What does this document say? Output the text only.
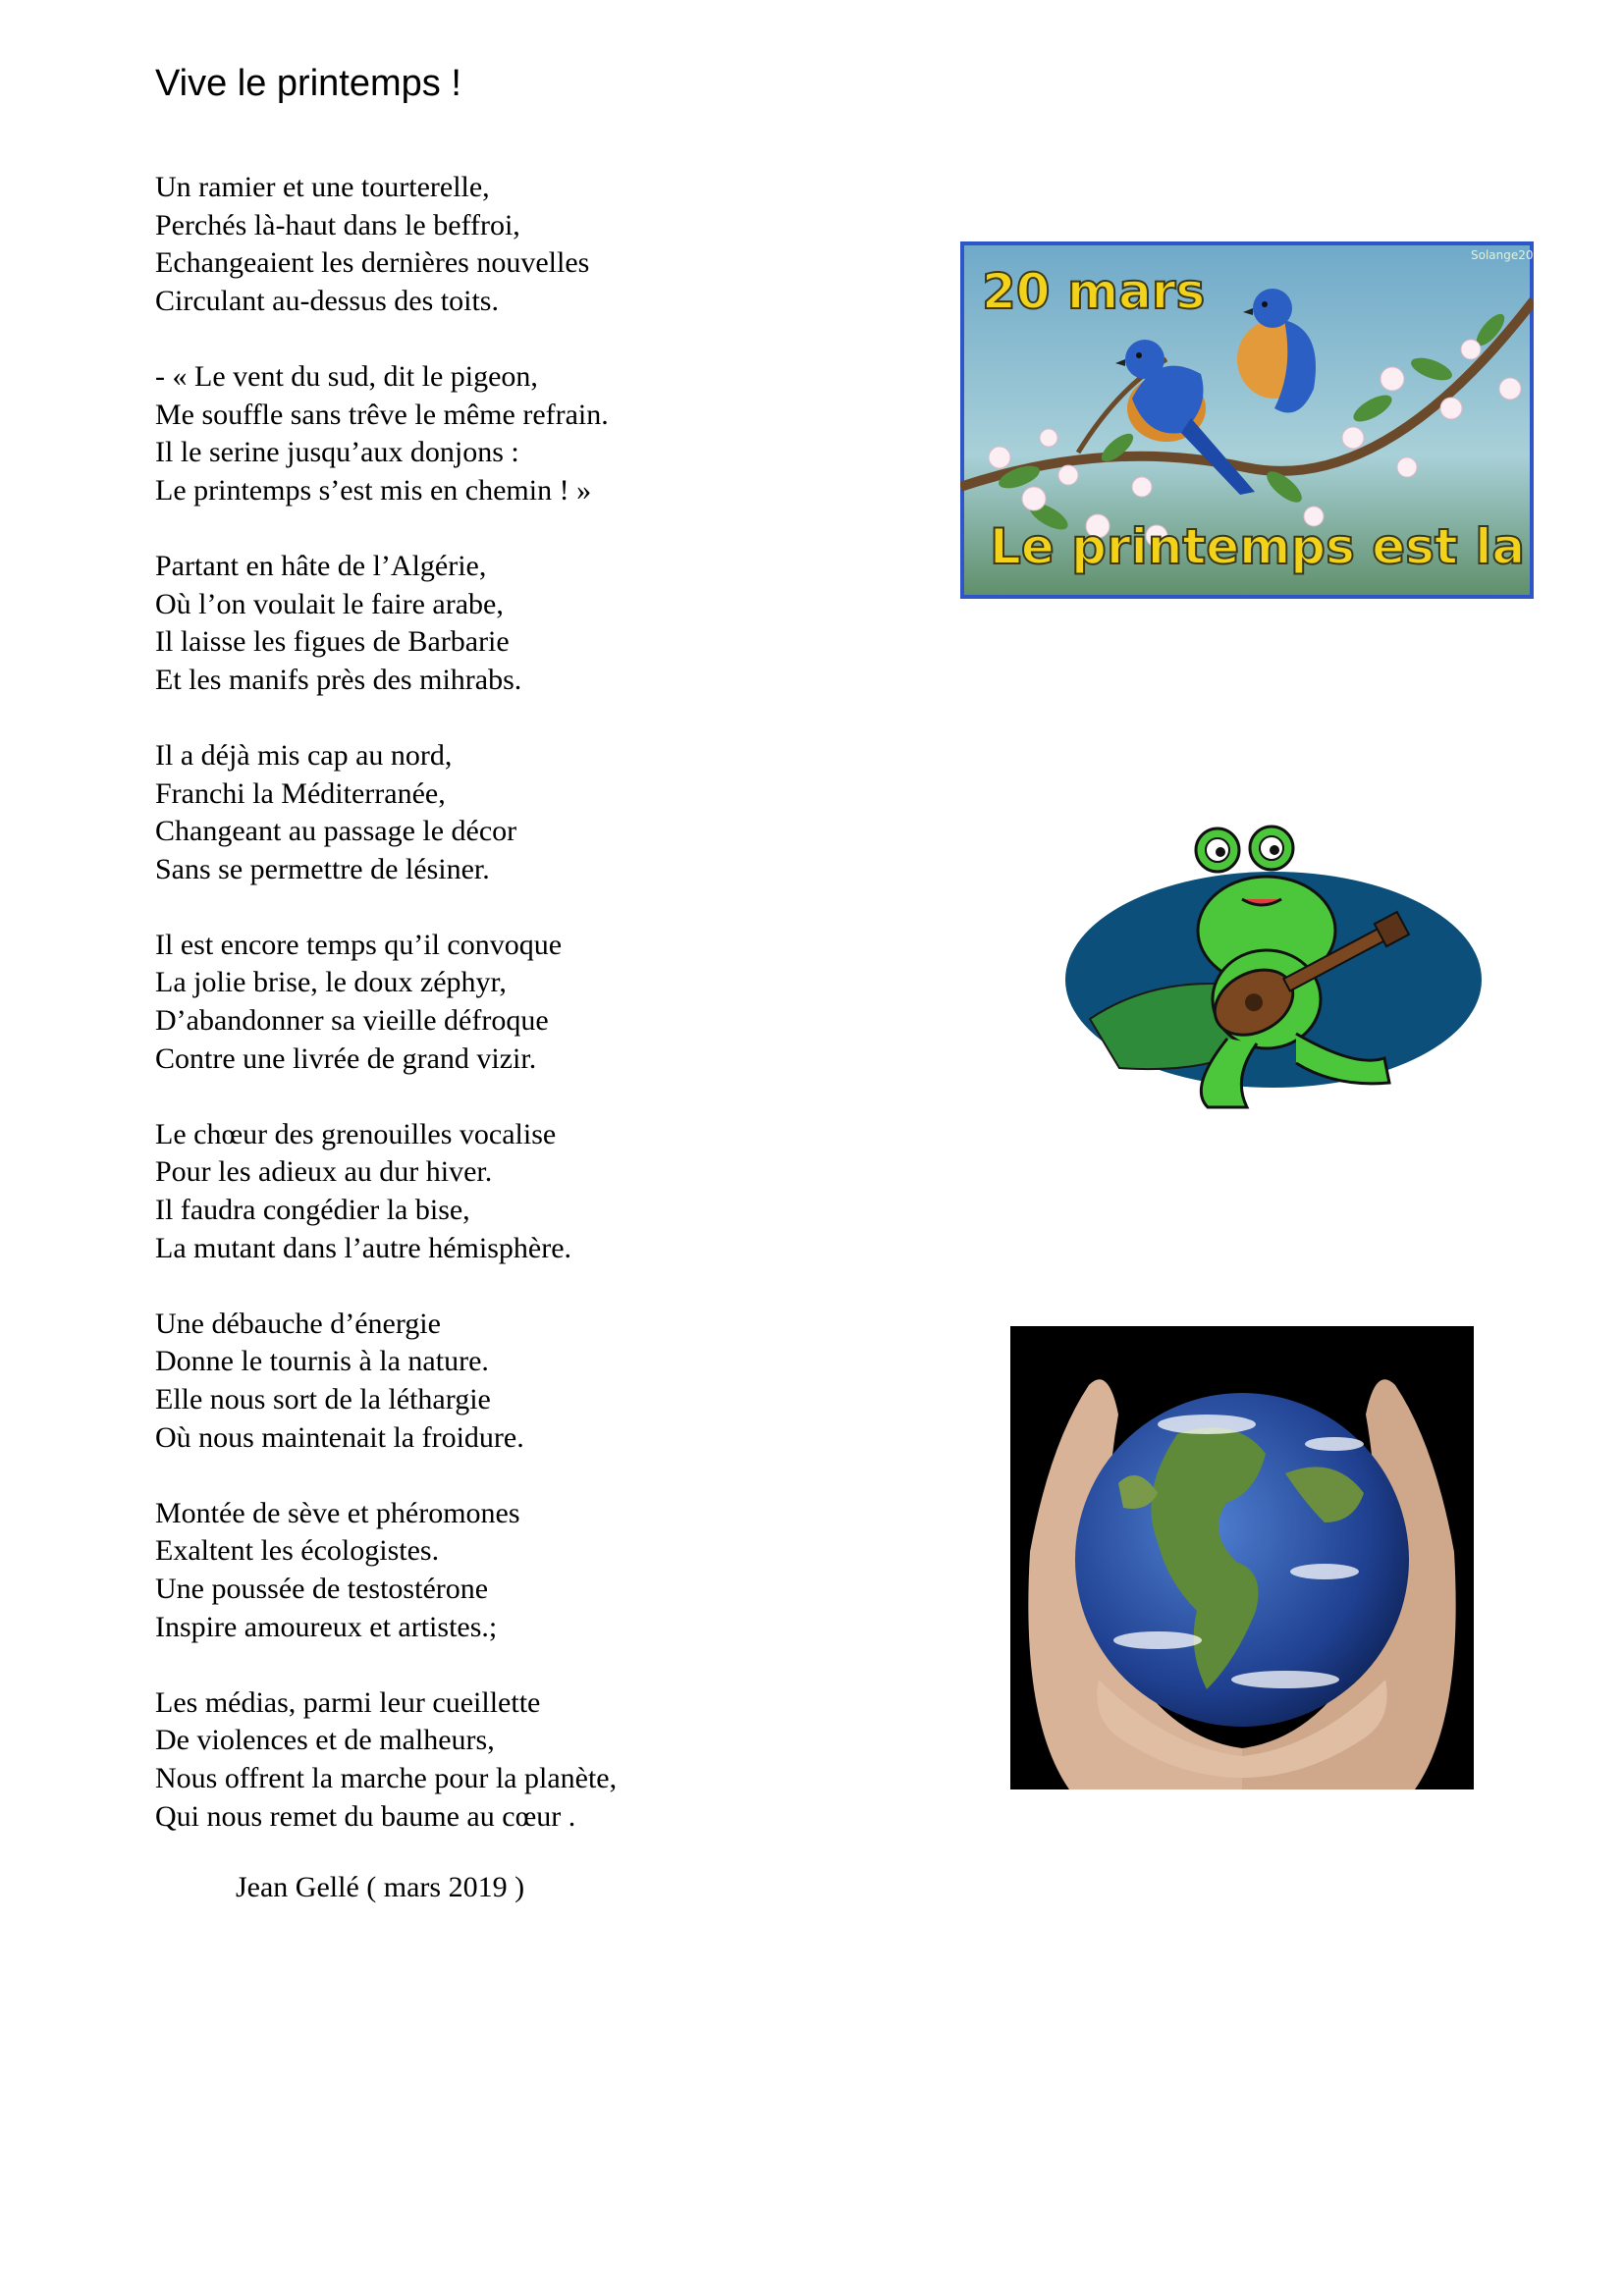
Vive le printemps !
Un ramier et une tourterelle,
Perchés là-haut dans le beffroi,
Echangeaient les dernières nouvelles
Circulant au-dessus des toits.
- « Le vent du sud, dit le pigeon,
Me souffle sans trêve le même refrain.
Il le serine jusqu’aux donjons :
Le printemps s’est mis en chemin ! »
Partant en hâte de l’Algérie,
Où l’on voulait le faire arabe,
Il laisse les figues de Barbarie
Et les manifs près des mihrabs.
Il a déjà mis cap au nord,
Franchi la Méditerranée,
Changeant au passage le décor
Sans se permettre de lésiner.
Il est encore temps qu’il convoque
La jolie brise, le doux zéphyr,
D’abandonner sa vieille défroque
Contre une livrée de grand vizir.
Le chœur des grenouilles vocalise
Pour les adieux au dur hiver.
Il faudra congédier la bise,
La mutant dans l’autre hémisphère.
Une débauche d’énergie
Donne le tournis à la nature.
Elle nous sort de la léthargie
Où nous maintenait la froidure.
Montée de sève et phéromones
Exaltent les écologistes.
Une poussée de testostérone
Inspire amoureux et artistes.;
Les médias, parmi leur cueillette
De violences et de malheurs,
Nous offrent la marche pour la planète,
Qui nous remet du baume au cœur .
Jean Gellé ( mars 2019 )
20 mars
Le printemps est la
Solange20
